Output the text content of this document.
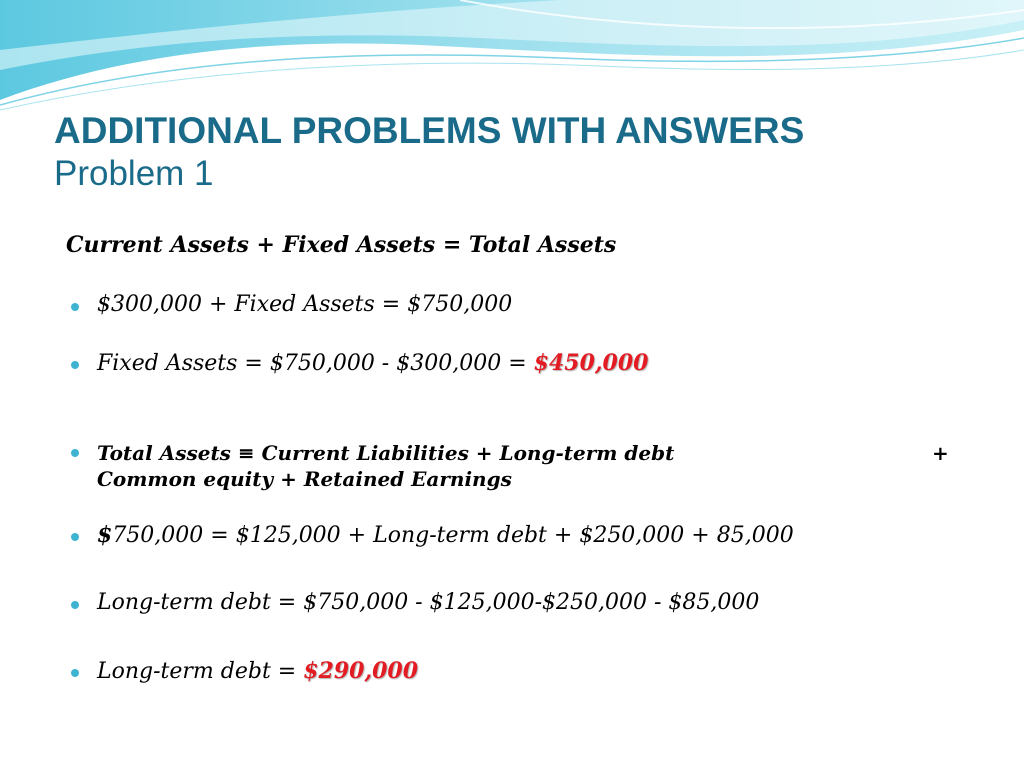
ADDITIONAL PROBLEMS WITH ANSWERS
Problem 1
Current Assets + Fixed Assets = Total Assets
$300,000 + Fixed Assets = $750,000
Fixed Assets = $750,000 - $300,000 = $450,000
Total Assets ≡ Current Liabilities + Long-term debt	+
Common equity + Retained Earnings
$750,000 = $125,000 + Long-term debt + $250,000 + 85,000
Long-term debt = $750,000 - $125,000-$250,000 - $85,000
Long-term debt = $290,000
